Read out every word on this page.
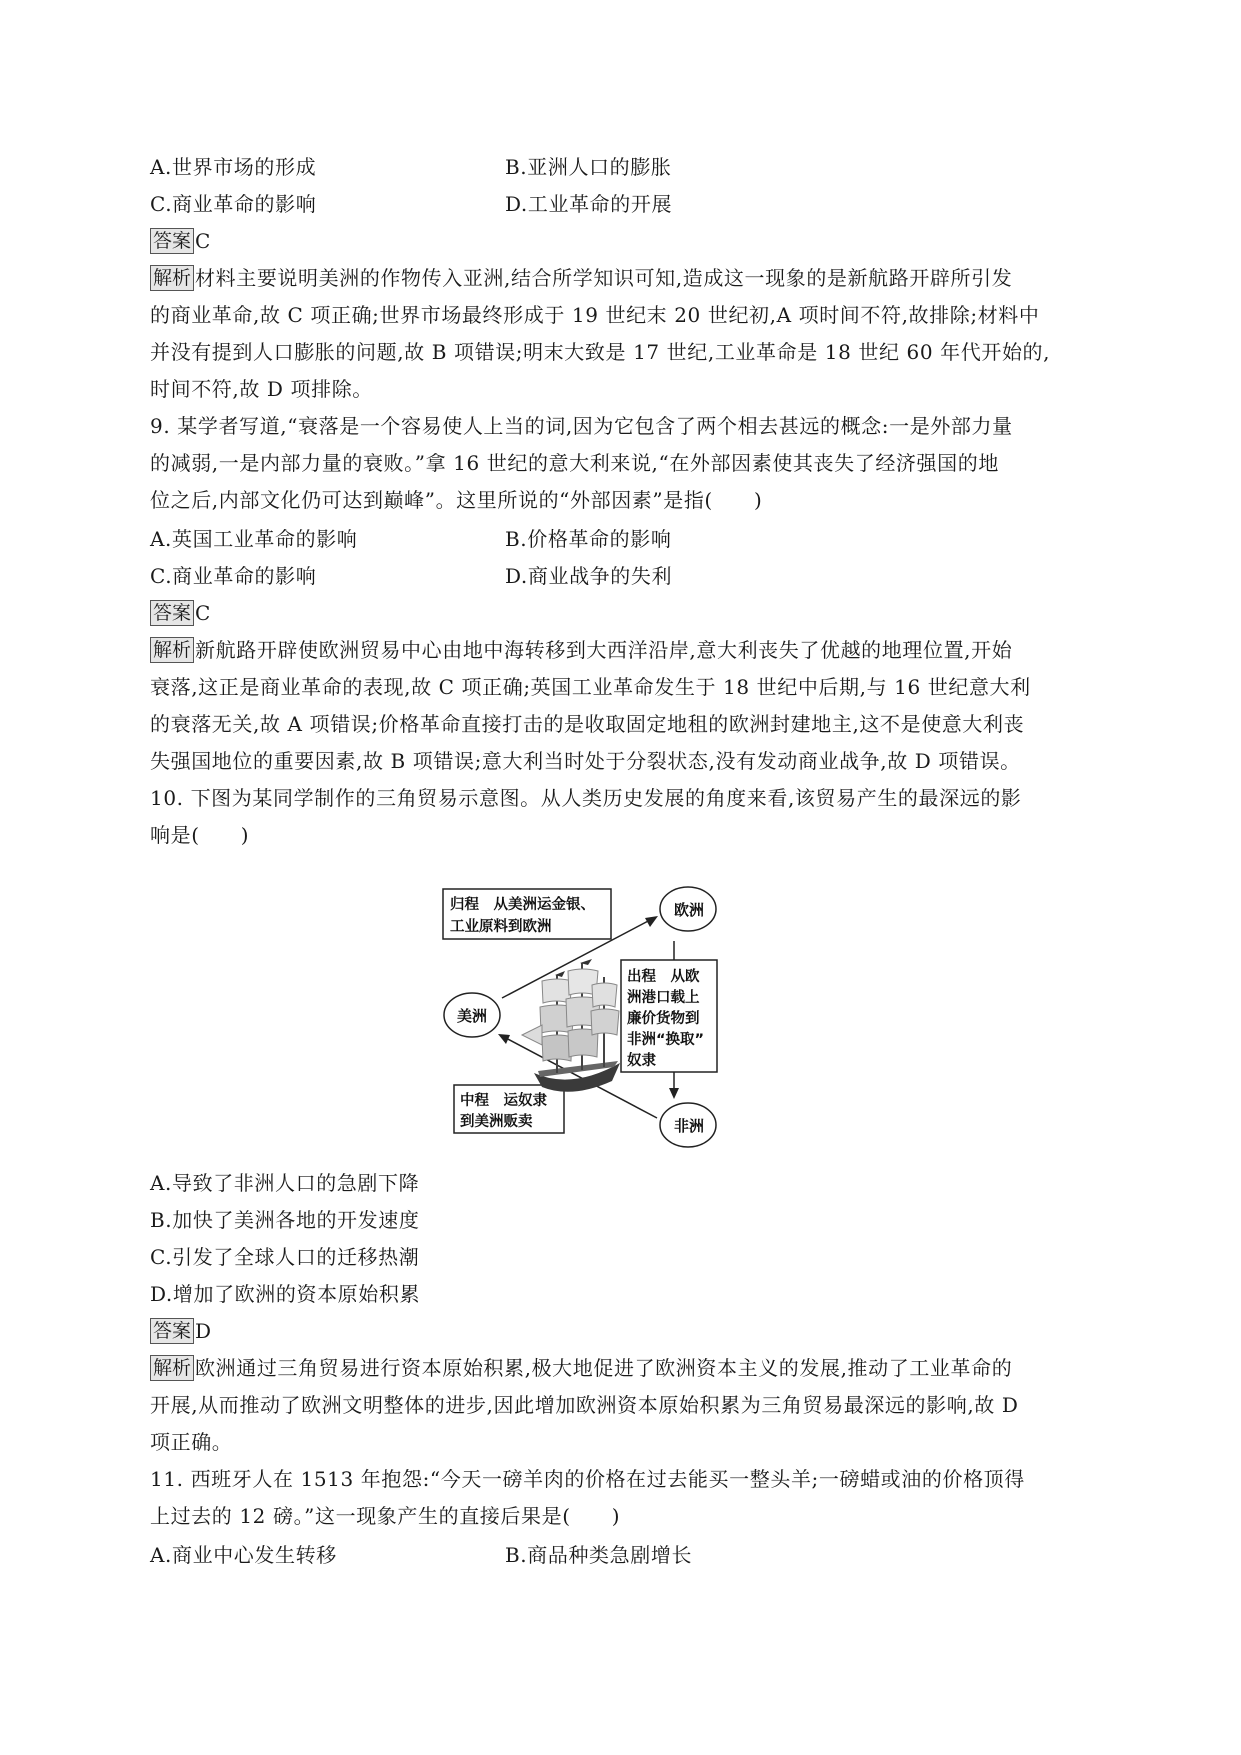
A.世界市场的形成	B.亚洲人口的膨胀
C.商业革命的影响	D.工业革命的开展
答案 C
解析 材料主要说明美洲的作物传入亚洲,结合所学知识可知,造成这一现象的是新航路开辟所引发
的商业革命,故 C 项正确;世界市场最终形成于 19 世纪末 20 世纪初,A 项时间不符,故排除;材料中
并没有提到人口膨胀的问题,故 B 项错误;明末大致是 17 世纪,工业革命是 18 世纪 60 年代开始的,
时间不符,故 D 项排除。
9. 某学者写道,“衰落是一个容易使人上当的词,因为它包含了两个相去甚远的概念:一是外部力量
的减弱,一是内部力量的衰败。”拿 16 世纪的意大利来说,“在外部因素使其丧失了经济强国的地
位之后,内部文化仍可达到巅峰”。这里所说的“外部因素”是指(　　)
A.英国工业革命的影响	B.价格革命的影响
C.商业革命的影响	D.商业战争的失利
答案 C
解析 新航路开辟使欧洲贸易中心由地中海转移到大西洋沿岸,意大利丧失了优越的地理位置,开始
衰落,这正是商业革命的表现,故 C 项正确;英国工业革命发生于 18 世纪中后期,与 16 世纪意大利
的衰落无关,故 A 项错误;价格革命直接打击的是收取固定地租的欧洲封建地主,这不是使意大利丧
失强国地位的重要因素,故 B 项错误;意大利当时处于分裂状态,没有发动商业战争,故 D 项错误。
10. 下图为某同学制作的三角贸易示意图。从人类历史发展的角度来看,该贸易产生的最深远的影
响是(　　)
归程　从美洲运金银、
工业原料到欧洲
欧洲
美洲
非洲
出程　从欧
洲港口载上
廉价货物到
非洲“换取”
奴隶
中程　运奴隶
到美洲贩卖
A.导致了非洲人口的急剧下降
B.加快了美洲各地的开发速度
C.引发了全球人口的迁移热潮
D.增加了欧洲的资本原始积累
答案 D
解析 欧洲通过三角贸易进行资本原始积累,极大地促进了欧洲资本主义的发展,推动了工业革命的
开展,从而推动了欧洲文明整体的进步,因此增加欧洲资本原始积累为三角贸易最深远的影响,故 D
项正确。
11. 西班牙人在 1513 年抱怨:“今天一磅羊肉的价格在过去能买一整头羊;一磅蜡或油的价格顶得
上过去的 12 磅。”这一现象产生的直接后果是(　　)
A.商业中心发生转移	B.商品种类急剧增长
